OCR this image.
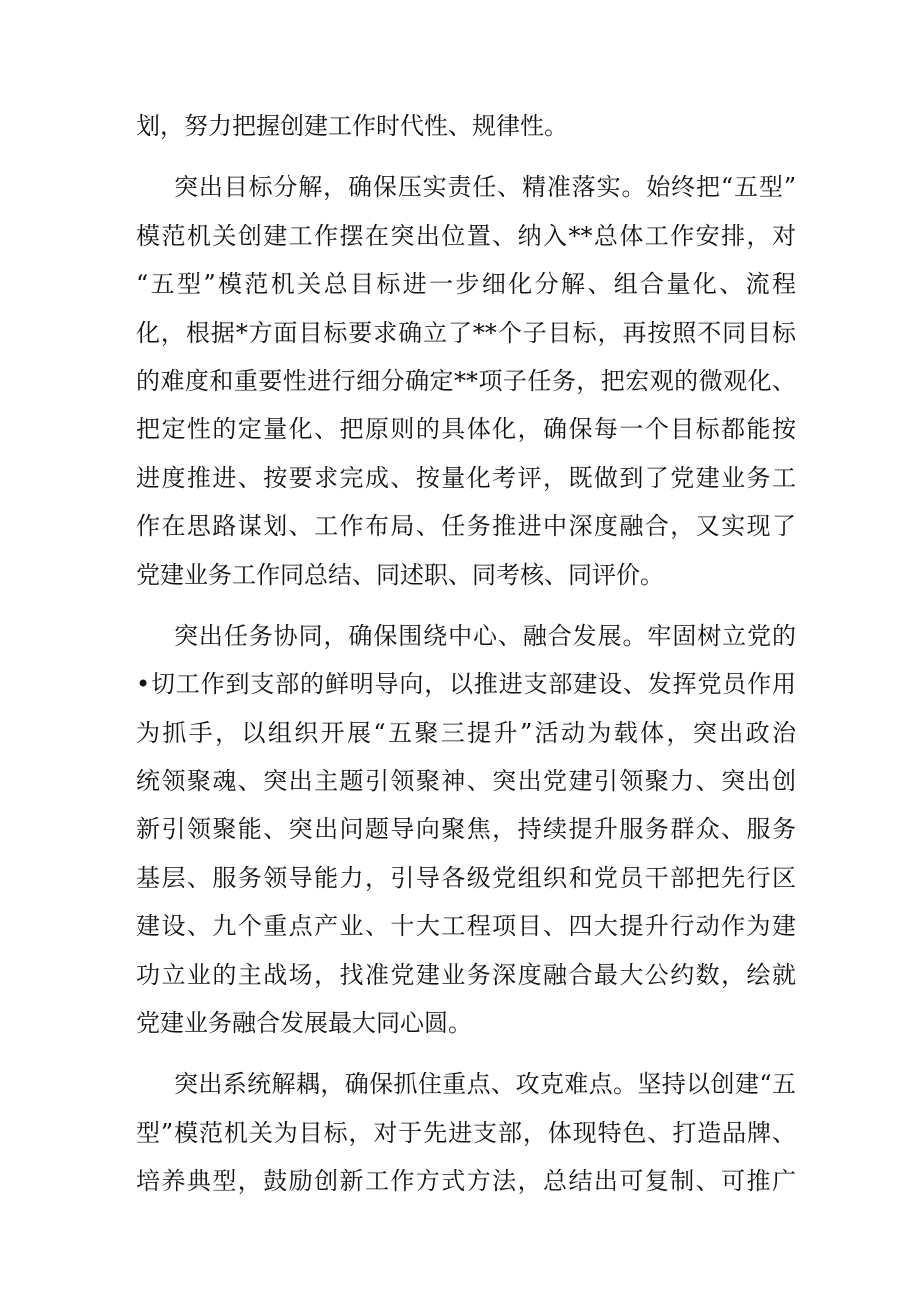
划，努力把握创建工作时代性、规律性。
突出目标分解，确保压实责任、精准落实。始终把“五型”
模范机关创建工作摆在突出位置、纳入**总体工作安排，对
“五型”模范机关总目标进一步细化分解、组合量化、流程
化，根据*方面目标要求确立了**个子目标，再按照不同目标
的难度和重要性进行细分确定**项子任务，把宏观的微观化、
把定性的定量化、把原则的具体化，确保每一个目标都能按
进度推进、按要求完成、按量化考评，既做到了党建业务工
作在思路谋划、工作布局、任务推进中深度融合，又实现了
党建业务工作同总结、同述职、同考核、同评价。
突出任务协同，确保围绕中心、融合发展。牢固树立党的
•切工作到支部的鲜明导向，以推进支部建设、发挥党员作用
为抓手，以组织开展“五聚三提升”活动为载体，突出政治
统领聚魂、突出主题引领聚神、突出党建引领聚力、突出创
新引领聚能、突出问题导向聚焦，持续提升服务群众、服务
基层、服务领导能力，引导各级党组织和党员干部把先行区
建设、九个重点产业、十大工程项目、四大提升行动作为建
功立业的主战场，找准党建业务深度融合最大公约数，绘就
党建业务融合发展最大同心圆。
突出系统解耦，确保抓住重点、攻克难点。坚持以创建“五
型”模范机关为目标，对于先进支部，体现特色、打造品牌、
培养典型，鼓励创新工作方式方法，总结出可复制、可推广
